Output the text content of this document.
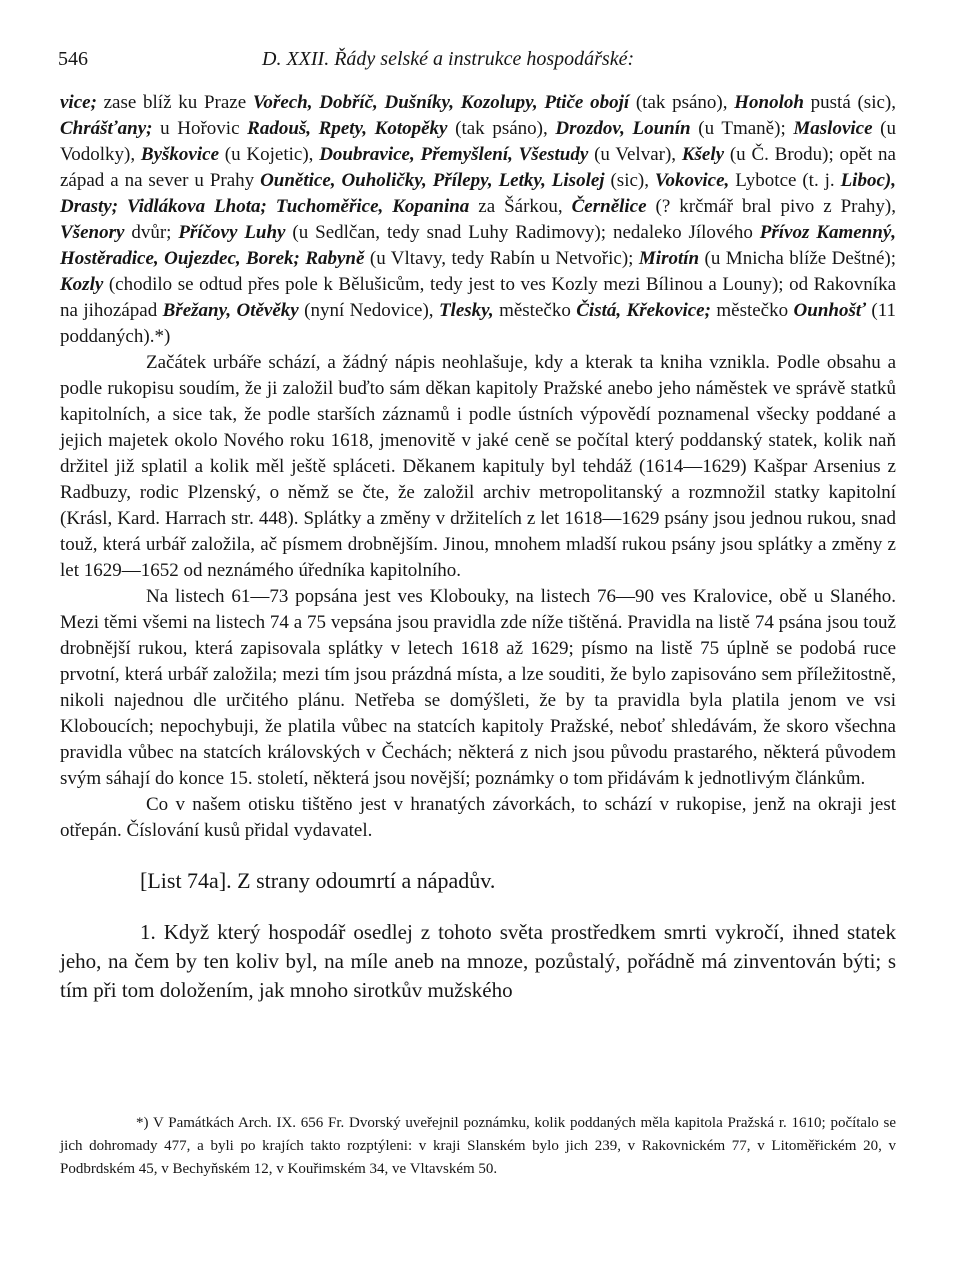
546	D. XXII. Řády selské a instrukce hospodářské:

vice; zase blíž ku Praze Vořech, Dobříč, Dušníky, Kozolupy, Ptiče obojí (tak psáno), Honoloh pustá (sic), Chrášťany; u Hořovic Radouš, Rpety, Kotopěky (tak psáno), Drozdov, Lounín (u Tmaně); Maslovice (u Vodolky), Byškovice (u Kojetic), Doubravice, Přemyšlení, Všestudy (u Velvar), Kšely (u Č. Brodu); opět na západ a na sever u Prahy Ounětice, Ouholičky, Přílepy, Letky, Lisolej (sic), Vokovice, Lybotce (t. j. Liboc), Drasty; Vidlákova Lhota; Tuchoměřice, Kopanina za Šárkou, Černělice (? krčmář bral pivo z Prahy), Všenory dvůr; Příčovy Luhy (u Sedlčan, tedy snad Luhy Radimovy); nedaleko Jílového Přívoz Kamenný, Hostěradice, Oujezdec, Borek; Rabyně (u Vltavy, tedy Rabín u Netvořic); Mirotín (u Mnicha blíže Deštné); Kozly (chodilo se odtud přes pole k Bělušicům, tedy jest to ves Kozly mezi Bílinou a Louny); od Rakovníka na jihozápad Břežany, Otěvěky (nyní Nedovice), Tlesky, městečko Čistá, Křekovice; městečko Ounhošť (11 poddaných).*)

Začátek urbáře schází, a žádný nápis neohlašuje, kdy a kterak ta kniha vznikla. Podle obsahu a podle rukopisu soudím, že ji založil buďto sám děkan kapitoly Pražské anebo jeho náměstek ve správě statků kapitolních, a sice tak, že podle starších záznamů i podle ústních výpovědí poznamenal všecky poddané a jejich majetek okolo Nového roku 1618, jmenovitě v jaké ceně se počítal který poddanský statek, kolik naň držitel již splatil a kolik měl ještě spláceti. Děkanem kapituly byl tehdáž (1614—1629) Kašpar Arsenius z Radbuzy, rodic Plzenský, o němž se čte, že založil archiv metropolitanský a rozmnožil statky kapitolní (Krásl, Kard. Harrach str. 448). Splátky a změny v držitelích z let 1618—1629 psány jsou jednou rukou, snad touž, která urbář založila, ač písmem drobnějším. Jinou, mnohem mladší rukou psány jsou splátky a změny z let 1629—1652 od neznámého úředníka kapitolního.

Na listech 61—73 popsána jest ves Klobouky, na listech 76—90 ves Kralovice, obě u Slaného. Mezi těmi všemi na listech 74 a 75 vepsána jsou pravidla zde níže tištěná. Pravidla na listě 74 psána jsou touž drobnější rukou, která zapisovala splátky v letech 1618 až 1629; písmo na listě 75 úplně se podobá ruce prvotní, která urbář založila; mezi tím jsou prázdná místa, a lze souditi, že bylo zapisováno sem příležitostně, nikoli najednou dle určitého plánu. Netřeba se domýšleti, že by ta pravidla byla platila jenom ve vsi Kloboucích; nepochybuji, že platila vůbec na statcích kapitoly Pražské, neboť shledávám, že skoro všechna pravidla vůbec na statcích královských v Čechách; některá z nich jsou původu prastarého, některá původem svým sáhají do konce 15. století, některá jsou novější; poznámky o tom přidávám k jednotlivým článkům.

Co v našem otisku tištěno jest v hranatých závorkách, to schází v rukopise, jenž na okraji jest otřepán. Číslování kusů přidal vydavatel.

[List 74a]. Z strany odoumrtí a nápadův.

1. Když který hospodář osedlej z tohoto světa prostředkem smrti vykročí, ihned statek jeho, na čem by ten koliv byl, na míle aneb na mnoze, pozůstalý, pořádně má zinventován býti; s tím při tom doložením, jak mnoho sirotkův mužského

*) V Památkách Arch. IX. 656 Fr. Dvorský uveřejnil poznámku, kolik poddaných měla kapitola Pražská r. 1610; počítalo se jich dohromady 477, a byli po krajích takto rozptýleni: v kraji Slanském bylo jich 239, v Rakovnickém 77, v Litoměřickém 20, v Podbrdském 45, v Bechyňském 12, v Kouřimském 34, ve Vltavském 50.
